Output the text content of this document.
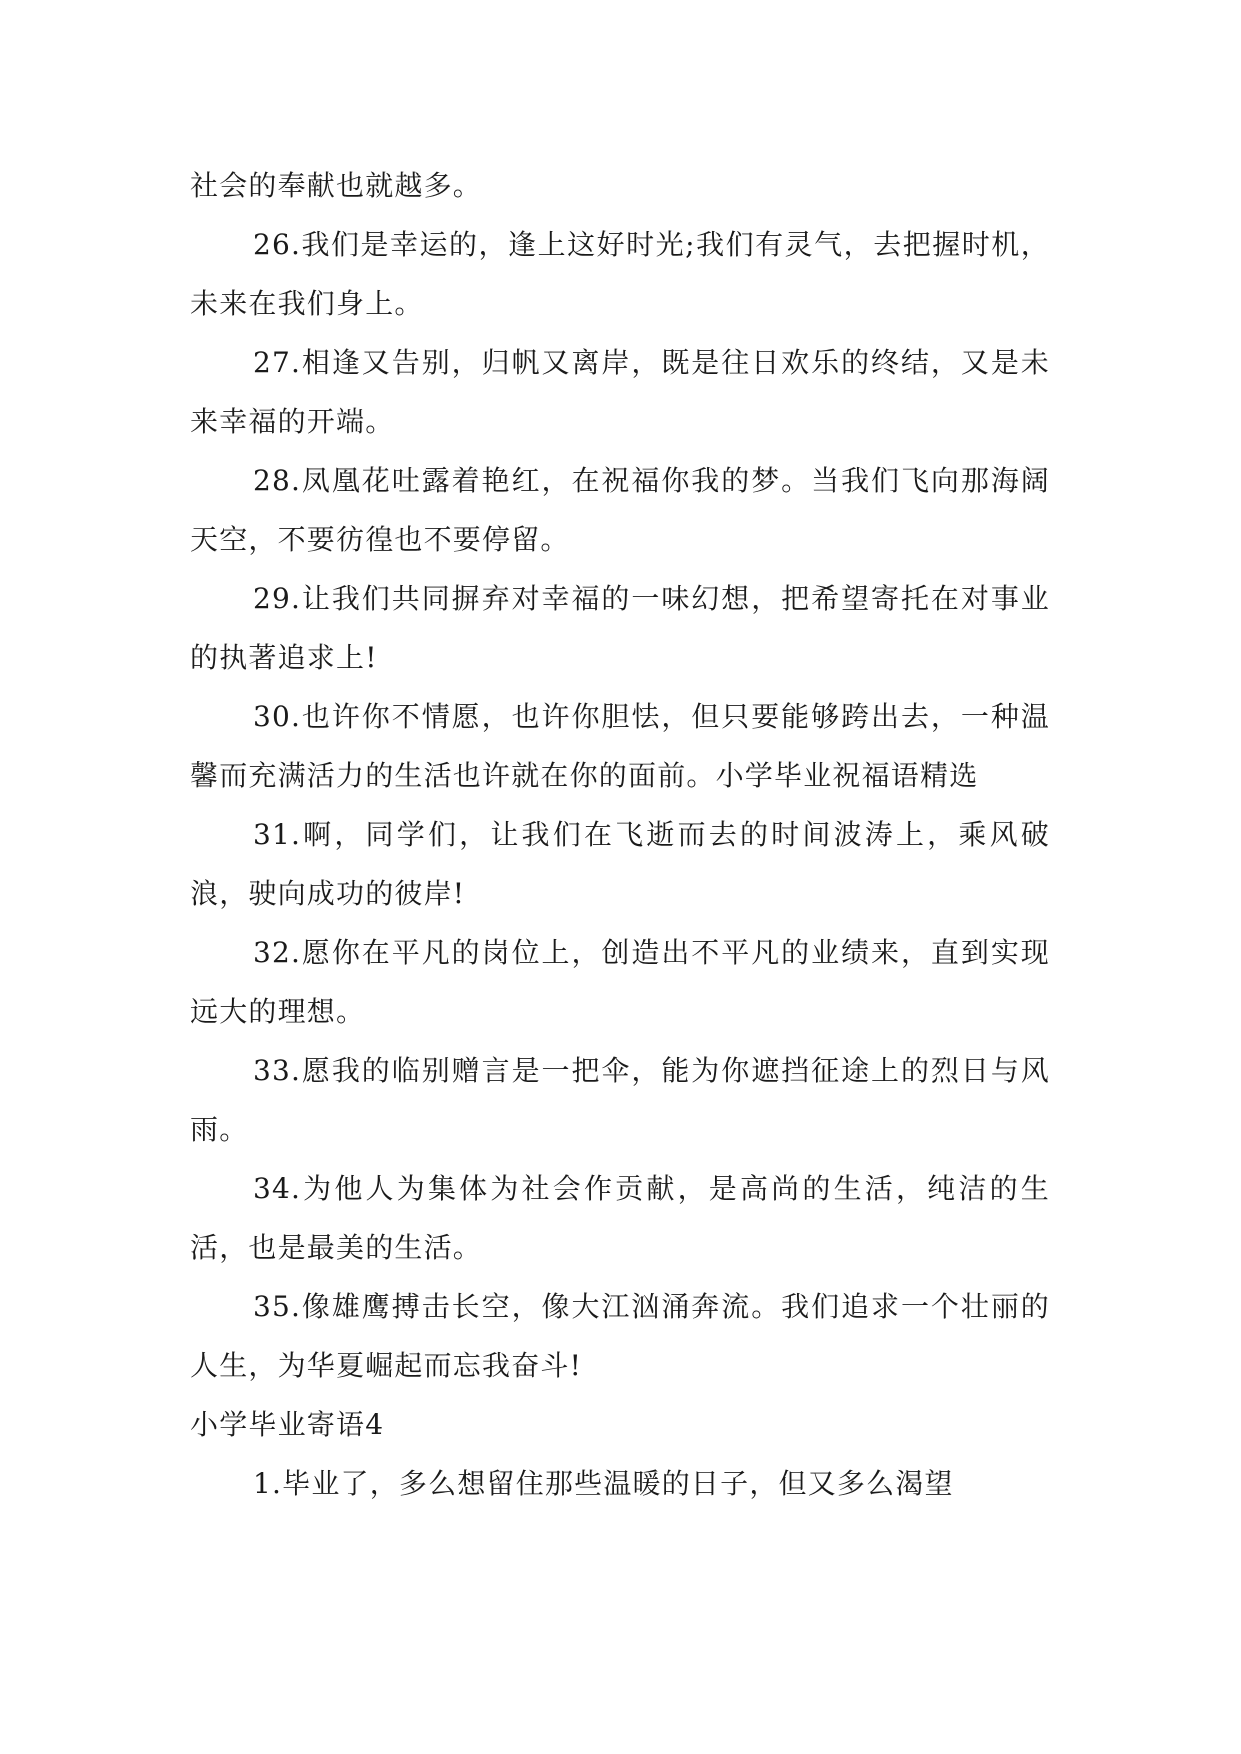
社会的奉献也就越多。

26.我们是幸运的，逢上这好时光;我们有灵气，去把握时机，未来在我们身上。

27.相逢又告别，归帆又离岸，既是往日欢乐的终结，又是未来幸福的开端。

28.凤凰花吐露着艳红，在祝福你我的梦。当我们飞向那海阔天空，不要彷徨也不要停留。

29.让我们共同摒弃对幸福的一味幻想，把希望寄托在对事业的执著追求上!

30.也许你不情愿，也许你胆怯，但只要能够跨出去，一种温馨而充满活力的生活也许就在你的面前。小学毕业祝福语精选

31.啊，同学们，让我们在飞逝而去的时间波涛上，乘风破浪，驶向成功的彼岸!

32.愿你在平凡的岗位上，创造出不平凡的业绩来，直到实现远大的理想。

33.愿我的临别赠言是一把伞，能为你遮挡征途上的烈日与风雨。

34.为他人为集体为社会作贡献，是高尚的生活，纯洁的生活，也是最美的生活。

35.像雄鹰搏击长空，像大江汹涌奔流。我们追求一个壮丽的人生，为华夏崛起而忘我奋斗!

小学毕业寄语4

1.毕业了，多么想留住那些温暖的日子，但又多么渴望
